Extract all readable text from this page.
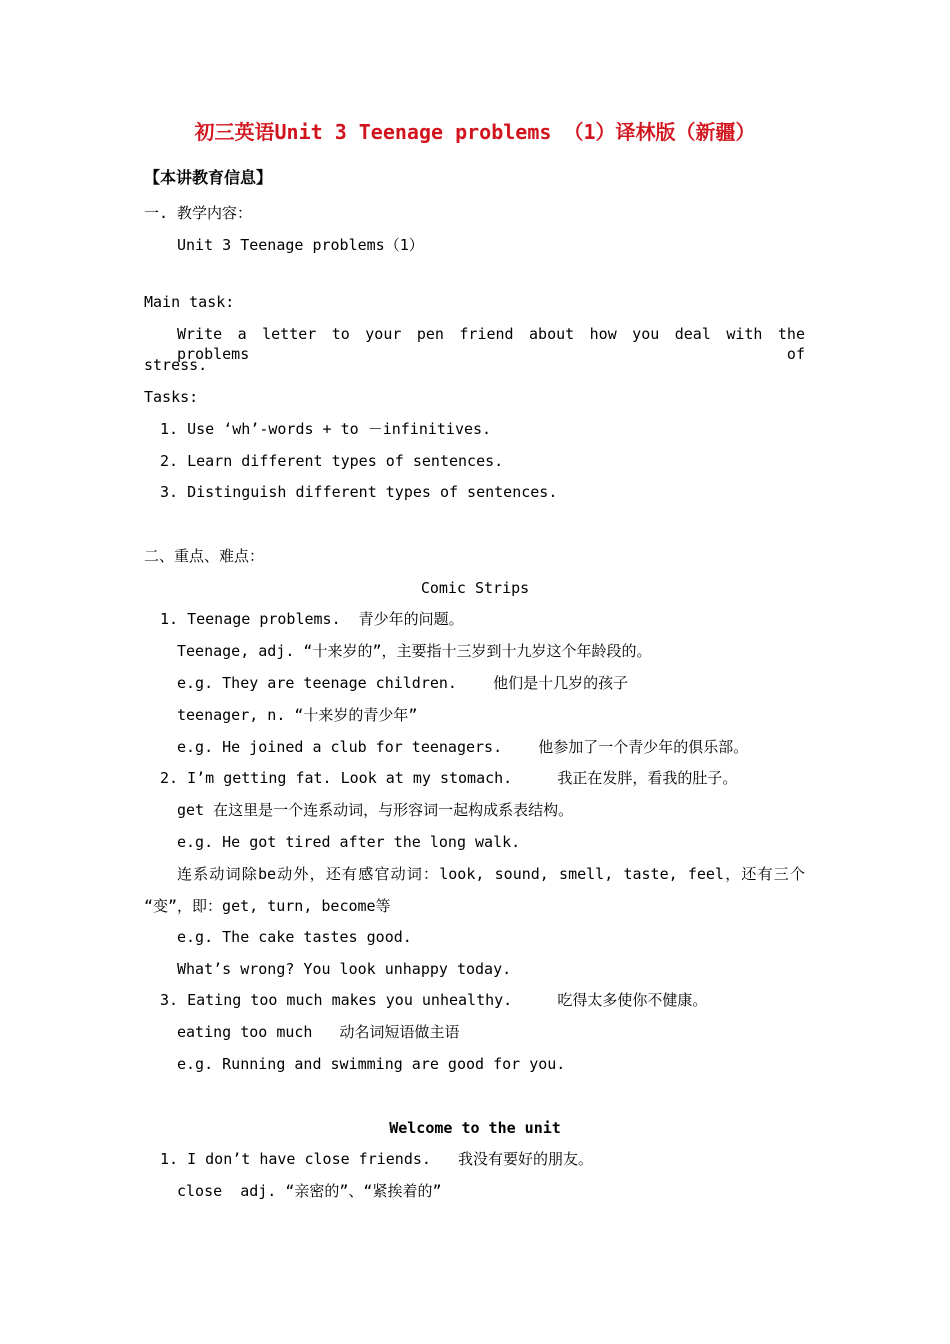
初三英语Unit 3 Teenage problems （1）译林版（新疆）
【本讲教育信息】
一. 教学内容：
Unit 3 Teenage problems（1）
Main task:
Write a letter to your pen friend about how you deal with the problems of
stress.
Tasks:
1. Use ‘wh’-words + to －infinitives.
2. Learn different types of sentences.
3. Distinguish different types of sentences.
二、重点、难点：
Comic Strips
1. Teenage problems.  青少年的问题。
Teenage, adj. “十来岁的”，主要指十三岁到十九岁这个年龄段的。
e.g. They are teenage children.    他们是十几岁的孩子
teenager, n. “十来岁的青少年”
e.g. He joined a club for teenagers.    他参加了一个青少年的俱乐部。
2. I’m getting fat. Look at my stomach.     我正在发胖，看我的肚子。
get 在这里是一个连系动词，与形容词一起构成系表结构。
e.g. He got tired after the long walk.
连系动词除be动外，还有感官动词：look, sound, smell, taste, feel，还有三个
“变”，即：get, turn, become等
e.g. The cake tastes good.
What’s wrong? You look unhappy today.
3. Eating too much makes you unhealthy.     吃得太多使你不健康。
eating too much   动名词短语做主语
e.g. Running and swimming are good for you.
Welcome to the unit
1. I don’t have close friends.   我没有要好的朋友。
close  adj. “亲密的”、“紧挨着的”
